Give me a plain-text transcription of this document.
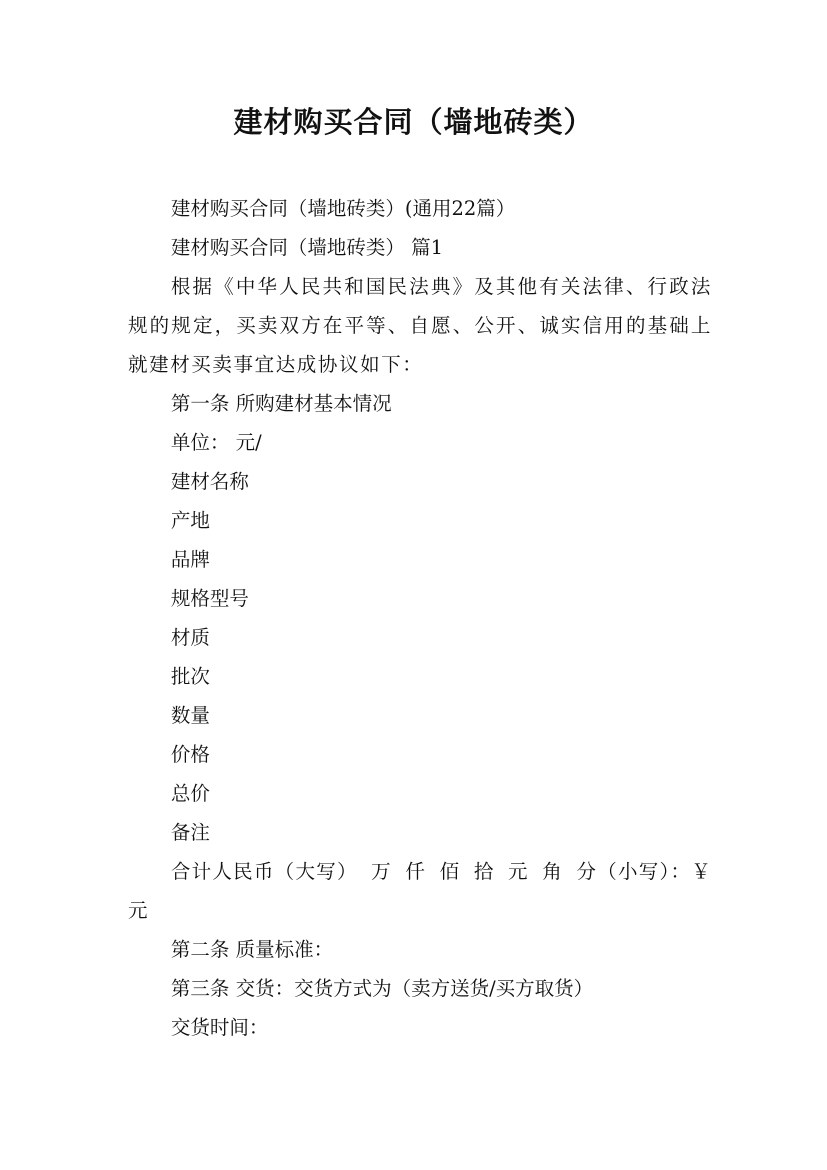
建材购买合同（墙地砖类）

建材购买合同（墙地砖类）(通用22篇）

建材购买合同（墙地砖类） 篇1

根据《中华人民共和国民法典》及其他有关法律、行政法规的规定，买卖双方在平等、自愿、公开、诚实信用的基础上就建材买卖事宜达成协议如下：

第一条 所购建材基本情况

单位： 元/

建材名称

产地

品牌

规格型号

材质

批次

数量

价格

总价

备注

合计人民币（大写） 万 仟 佰 拾 元 角 分（小写）：￥ 元

第二条 质量标准：

第三条 交货：交货方式为（卖方送货/买方取货）

交货时间：
